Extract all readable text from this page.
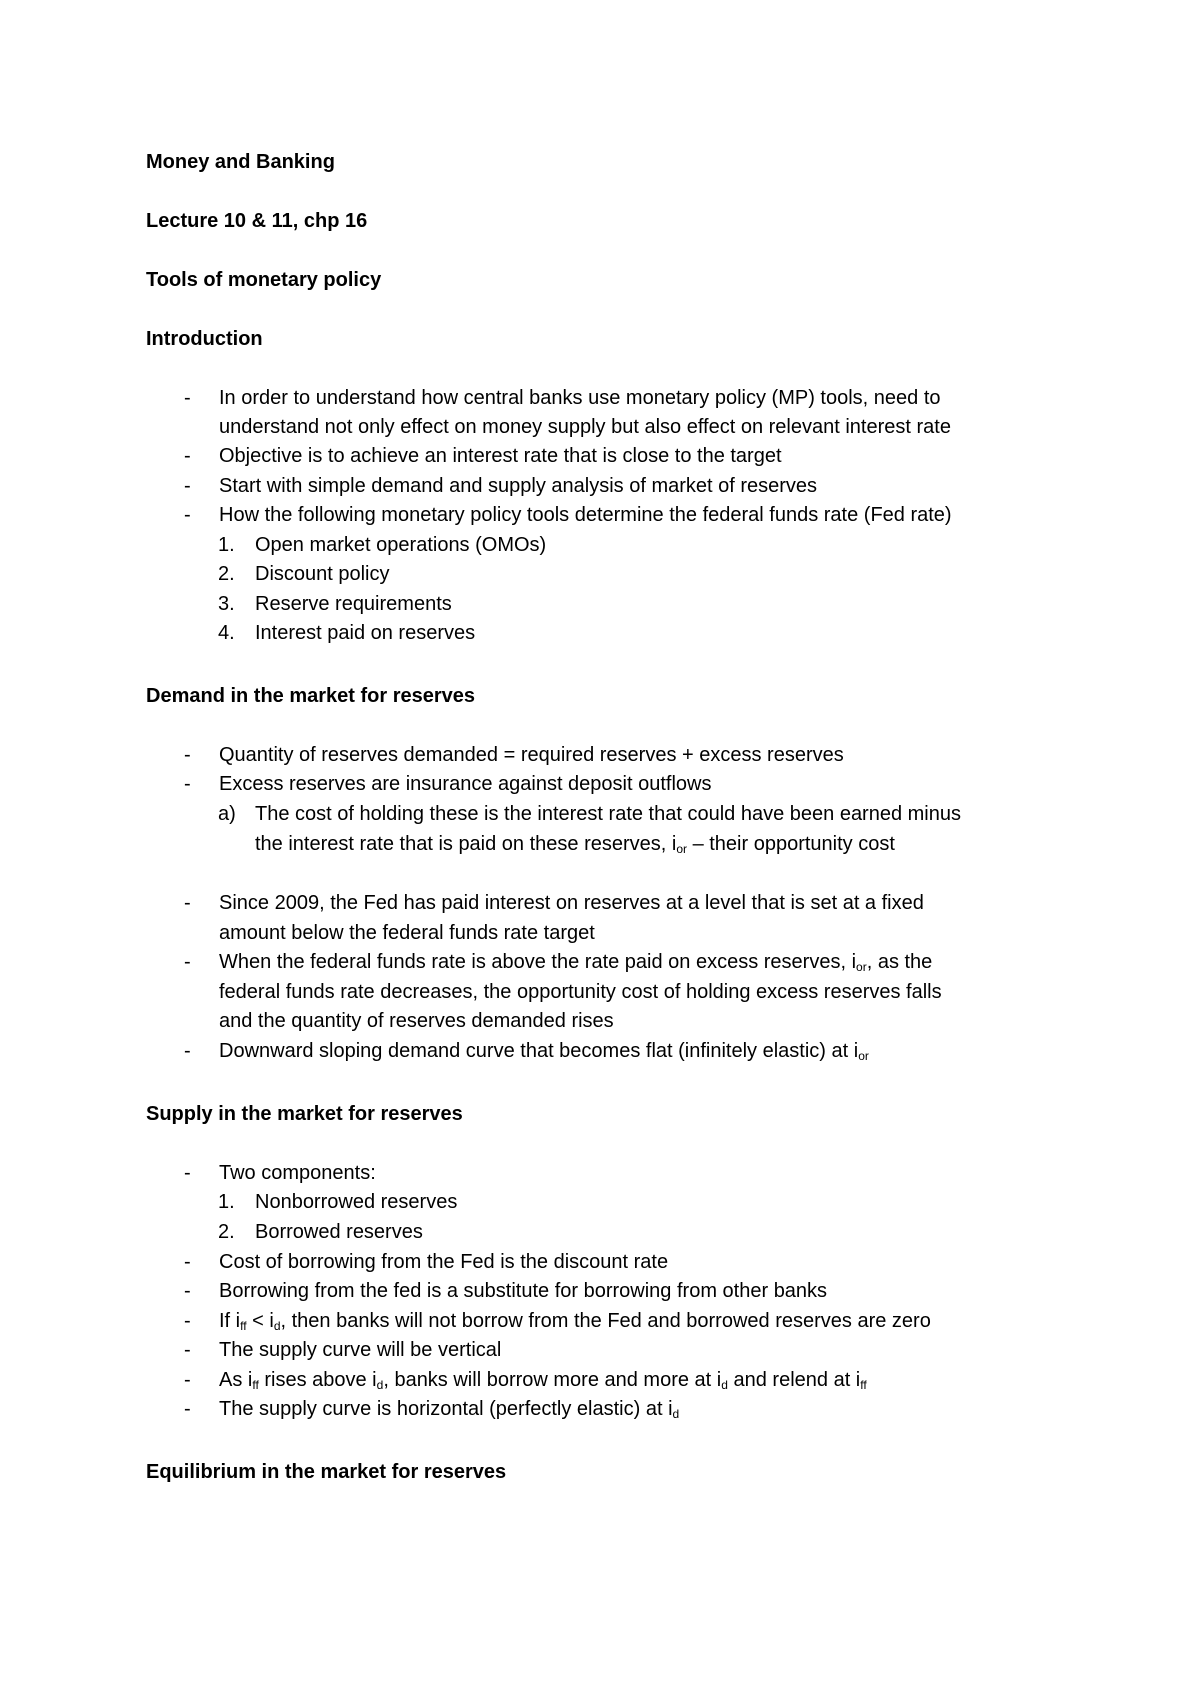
Money and Banking
Lecture 10 & 11, chp 16
Tools of monetary policy
Introduction
- In order to understand how central banks use monetary policy (MP) tools, need to
understand not only effect on money supply but also effect on relevant interest rate
- Objective is to achieve an interest rate that is close to the target
- Start with simple demand and supply analysis of market of reserves
- How the following monetary policy tools determine the federal funds rate (Fed rate)
1. Open market operations (OMOs)
2. Discount policy
3. Reserve requirements
4. Interest paid on reserves
Demand in the market for reserves
- Quantity of reserves demanded = required reserves + excess reserves
- Excess reserves are insurance against deposit outflows
a) The cost of holding these is the interest rate that could have been earned minus
the interest rate that is paid on these reserves, $i_{or}$ – their opportunity cost
- Since 2009, the Fed has paid interest on reserves at a level that is set at a fixed
amount below the federal funds rate target
- When the federal funds rate is above the rate paid on excess reserves, $i_{or}$, as the
federal funds rate decreases, the opportunity cost of holding excess reserves falls
and the quantity of reserves demanded rises
- Downward sloping demand curve that becomes flat (infinitely elastic) at $i_{or}$
Supply in the market for reserves
- Two components:
1. Nonborrowed reserves
2. Borrowed reserves
- Cost of borrowing from the Fed is the discount rate
- Borrowing from the fed is a substitute for borrowing from other banks
- If $i_{ff} < i_d$, then banks will not borrow from the Fed and borrowed reserves are zero
- The supply curve will be vertical
- As $i_{ff}$ rises above $i_d$, banks will borrow more and more at $i_d$ and relend at $i_{ff}$
- The supply curve is horizontal (perfectly elastic) at $i_d$
Equilibrium in the market for reserves
